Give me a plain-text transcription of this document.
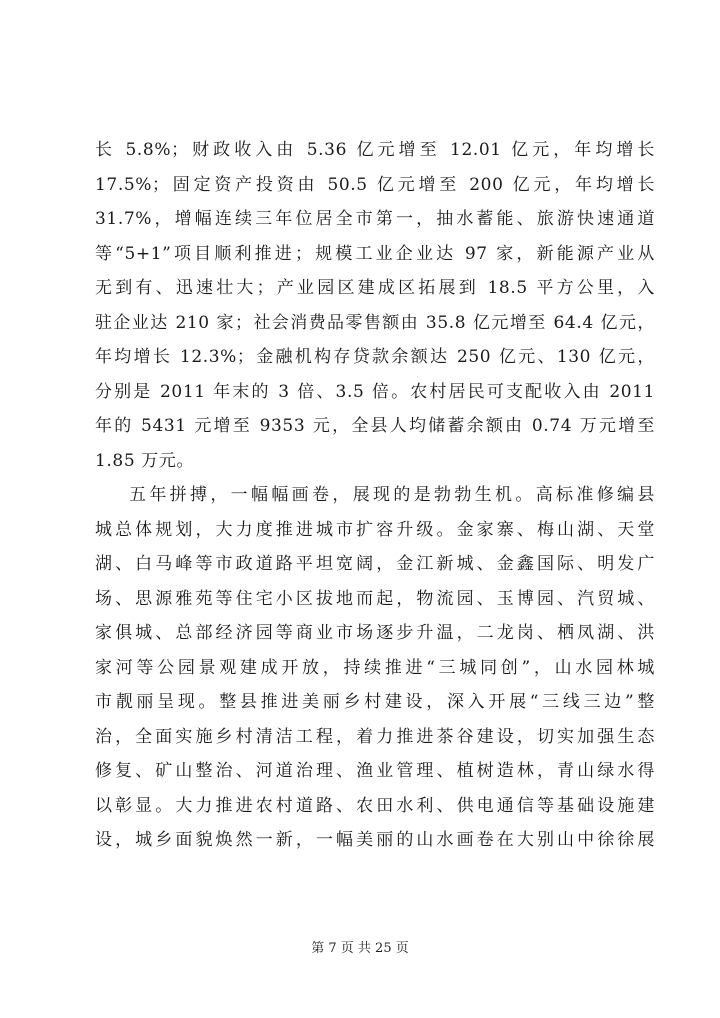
长 5.8%；财政收入由 5.36 亿元增至 12.01 亿元，年均增长
17.5%；固定资产投资由 50.5 亿元增至 200 亿元，年均增长
31.7%，增幅连续三年位居全市第一，抽水蓄能、旅游快速通道
等“5+1”项目顺利推进；规模工业企业达 97 家，新能源产业从
无到有、迅速壮大；产业园区建成区拓展到 18.5 平方公里，入
驻企业达 210 家；社会消费品零售额由 35.8 亿元增至 64.4 亿元，
年均增长 12.3%；金融机构存贷款余额达 250 亿元、130 亿元，
分别是 2011 年末的 3 倍、3.5 倍。农村居民可支配收入由 2011
年的 5431 元增至 9353 元，全县人均储蓄余额由 0.74 万元增至
1.85 万元。
五年拼搏，一幅幅画卷，展现的是勃勃生机。高标准修编县
城总体规划，大力度推进城市扩容升级。金家寨、梅山湖、天堂
湖、白马峰等市政道路平坦宽阔，金江新城、金鑫国际、明发广
场、思源雅苑等住宅小区拔地而起，物流园、玉博园、汽贸城、
家俱城、总部经济园等商业市场逐步升温，二龙岗、栖凤湖、洪
家河等公园景观建成开放，持续推进“三城同创”，山水园林城
市靓丽呈现。整县推进美丽乡村建设，深入开展“三线三边”整
治，全面实施乡村清洁工程，着力推进茶谷建设，切实加强生态
修复、矿山整治、河道治理、渔业管理、植树造林，青山绿水得
以彰显。大力推进农村道路、农田水利、供电通信等基础设施建
设，城乡面貌焕然一新，一幅美丽的山水画卷在大别山中徐徐展
第 7 页 共 25 页
